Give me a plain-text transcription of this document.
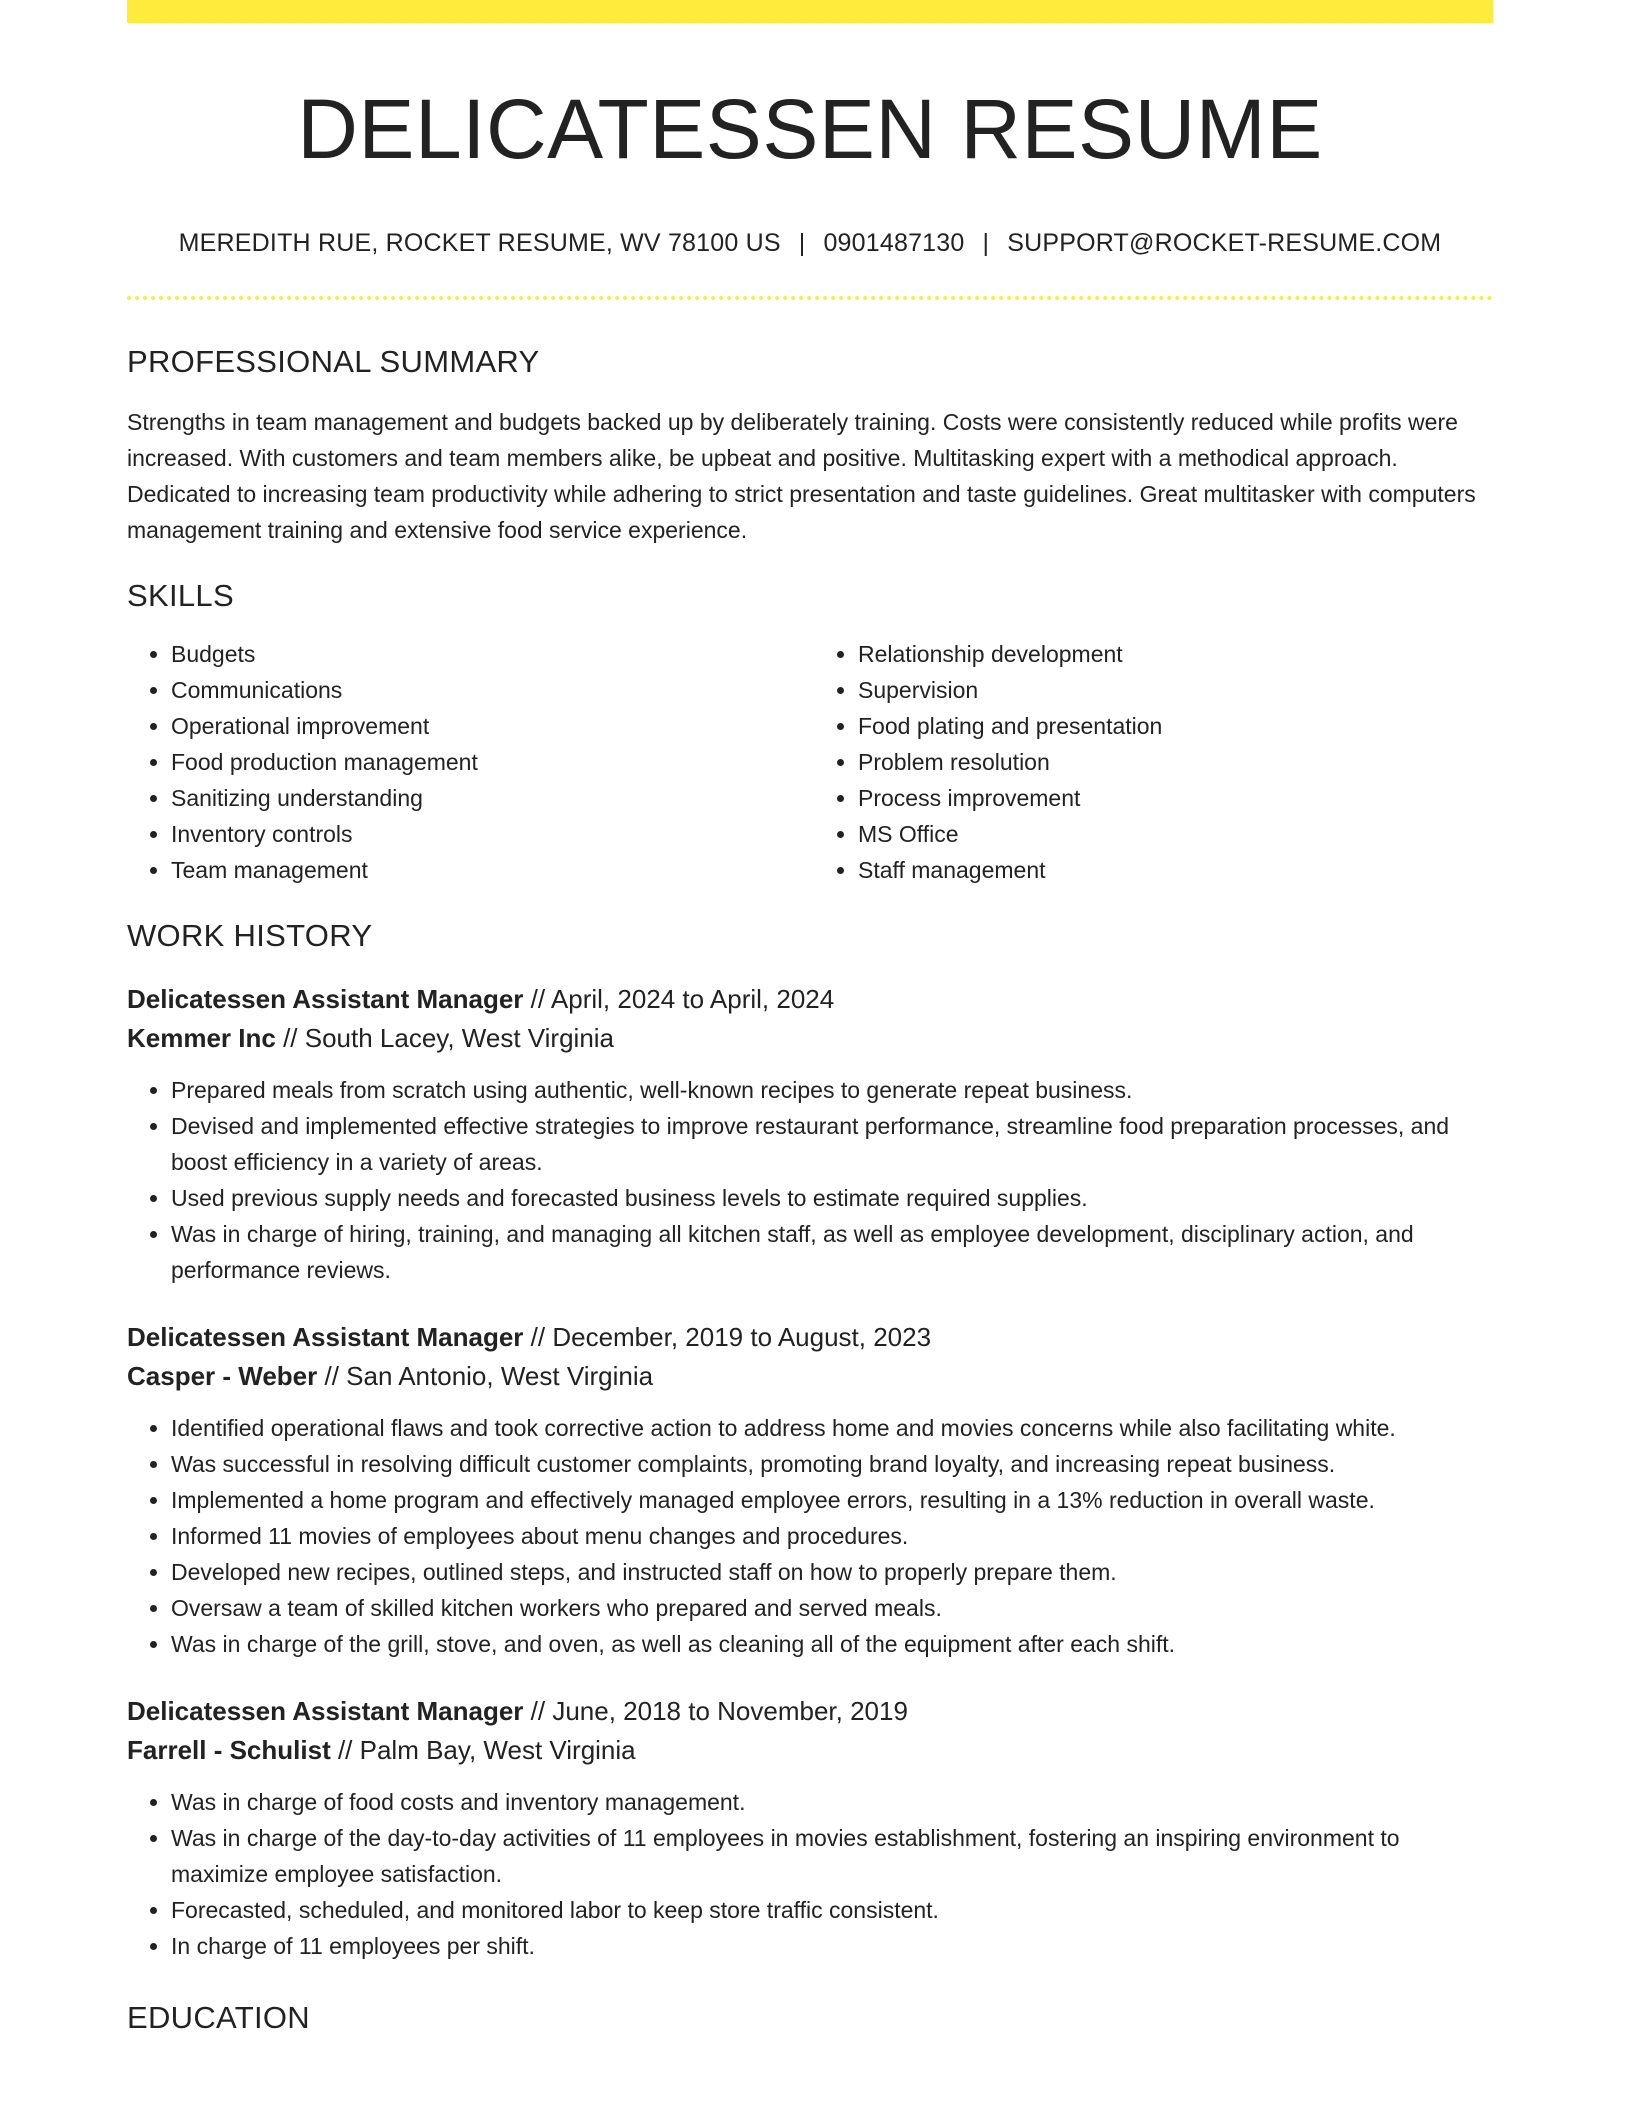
DELICATESSEN RESUME
MEREDITH RUE, ROCKET RESUME, WV 78100 US | 0901487130 | SUPPORT@ROCKET-RESUME.COM
PROFESSIONAL SUMMARY

Strengths in team management and budgets backed up by deliberately training. Costs were consistently reduced while profits were increased. With customers and team members alike, be upbeat and positive. Multitasking expert with a methodical approach. Dedicated to increasing team productivity while adhering to strict presentation and taste guidelines. Great multitasker with computers management training and extensive food service experience.

SKILLS
• Budgets
• Communications
• Operational improvement
• Food production management
• Sanitizing understanding
• Inventory controls
• Team management
• Relationship development
• Supervision
• Food plating and presentation
• Problem resolution
• Process improvement
• MS Office
• Staff management
WORK HISTORY
Delicatessen Assistant Manager // April, 2024 to April, 2024
Kemmer Inc // South Lacey, West Virginia
• Prepared meals from scratch using authentic, well-known recipes to generate repeat business.
• Devised and implemented effective strategies to improve restaurant performance, streamline food preparation processes, and boost efficiency in a variety of areas.
• Used previous supply needs and forecasted business levels to estimate required supplies.
• Was in charge of hiring, training, and managing all kitchen staff, as well as employee development, disciplinary action, and performance reviews.
Delicatessen Assistant Manager // December, 2019 to August, 2023
Casper - Weber // San Antonio, West Virginia
• Identified operational flaws and took corrective action to address home and movies concerns while also facilitating white.
• Was successful in resolving difficult customer complaints, promoting brand loyalty, and increasing repeat business.
• Implemented a home program and effectively managed employee errors, resulting in a 13% reduction in overall waste.
• Informed 11 movies of employees about menu changes and procedures.
• Developed new recipes, outlined steps, and instructed staff on how to properly prepare them.
• Oversaw a team of skilled kitchen workers who prepared and served meals.
• Was in charge of the grill, stove, and oven, as well as cleaning all of the equipment after each shift.
Delicatessen Assistant Manager // June, 2018 to November, 2019
Farrell - Schulist // Palm Bay, West Virginia
• Was in charge of food costs and inventory management.
• Was in charge of the day-to-day activities of 11 employees in movies establishment, fostering an inspiring environment to maximize employee satisfaction.
• Forecasted, scheduled, and monitored labor to keep store traffic consistent.
• In charge of 11 employees per shift.
EDUCATION
